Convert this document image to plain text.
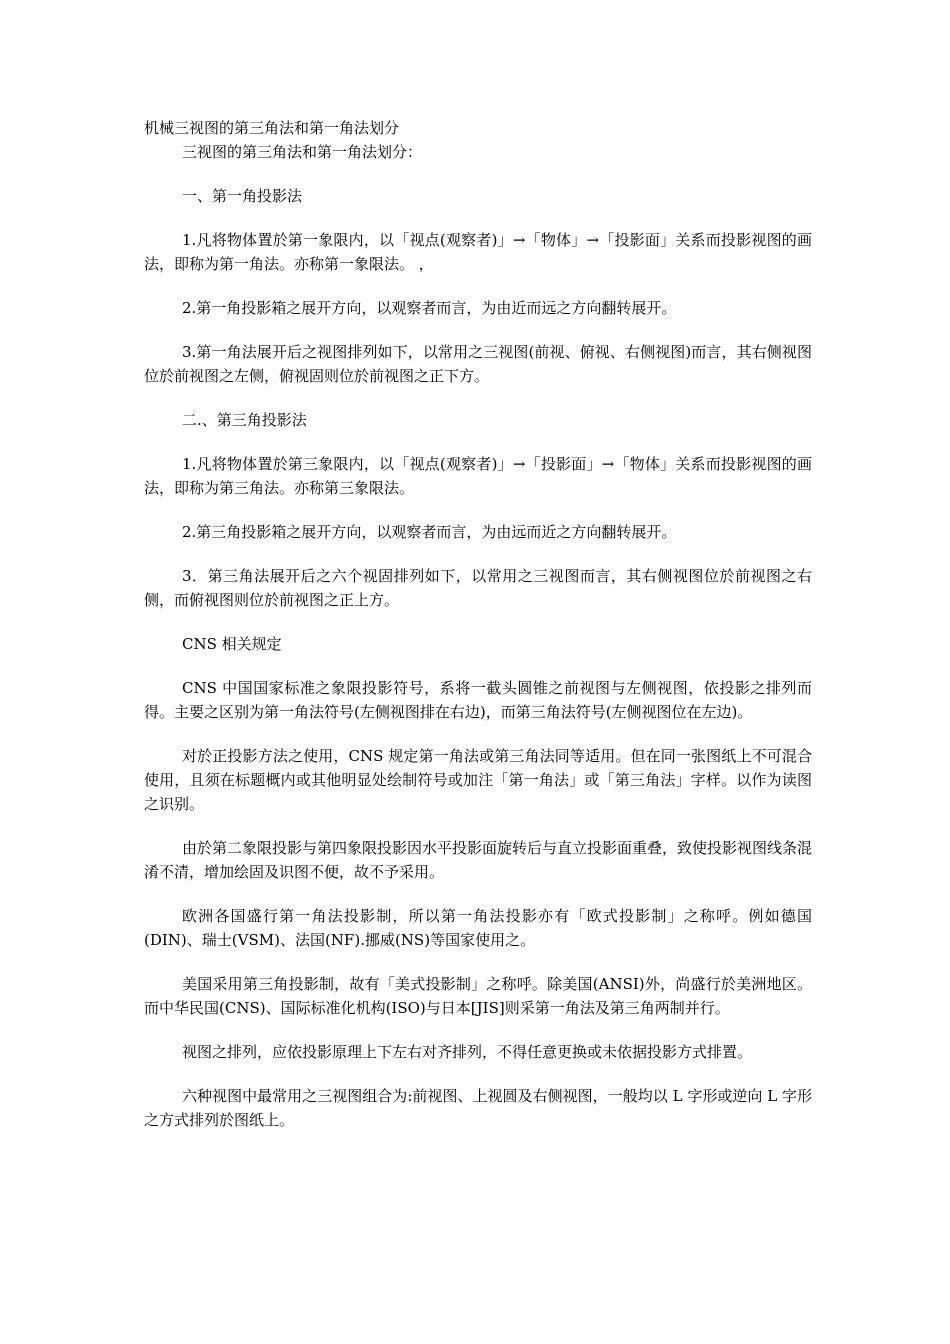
机械三视图的第三角法和第一角法划分

三视图的第三角法和第一角法划分：

一、第一角投影法

1.凡将物体置於第一象限内，以「视点(观察者)」→「物体」→「投影面」关系而投影视图的画法，即称为第一角法。亦称第一象限法。 ，

2.第一角投影箱之展开方向，以观察者而言，为由近而远之方向翻转展开。

3.第一角法展开后之视图排列如下，以常用之三视图(前视、俯视、右侧视图)而言，其右侧视图位於前视图之左侧，俯视固则位於前视图之正下方。

二.、第三角投影法

1.凡将物体置於第三象限内，以「视点(观察者)」→「投影面」→「物体」关系而投影视图的画法，即称为第三角法。亦称第三象限法。

2.第三角投影箱之展开方向，以观察者而言，为由远而近之方向翻转展开。

3．第三角法展开后之六个视固排列如下，以常用之三视图而言，其右侧视图位於前视图之右侧，而俯视图则位於前视图之正上方。

CNS 相关规定

CNS 中国国家标准之象限投影符号，系将一截头圆锥之前视图与左侧视图，依投影之排列而得。主要之区别为第一角法符号(左侧视图排在右边)，而第三角法符号(左侧视图位在左边)。

对於正投影方法之使用，CNS 规定第一角法或第三角法同等适用。但在同一张图纸上不可混合使用，且须在标题概内或其他明显处绘制符号或加注「第一角法」或「第三角法」字样。以作为读图之识别。

由於第二象限投影与第四象限投影因水平投影面旋转后与直立投影面重叠，致使投影视图线条混淆不清，增加绘固及识图不便，故不予采用。

欧洲各国盛行第一角法投影制，所以第一角法投影亦有「欧式投影制」之称呼。例如德国(DIN)、瑞士(VSM)、法国(NF).挪威(NS)等国家使用之。

美国采用第三角投影制，故有「美式投影制」之称呼。除美国(ANSI)外，尚盛行於美洲地区。而中华民国(CNS)、国际标准化机构(ISO)与日本[JIS]则采第一角法及第三角两制并行。

视图之排列，应依投影原理上下左右对齐排列，不得任意更换或未依据投影方式排置。

六种视图中最常用之三视图组合为:前视图、上视圆及右侧视图，一般均以 L 字形或逆向 L 字形之方式排列於图纸上。
